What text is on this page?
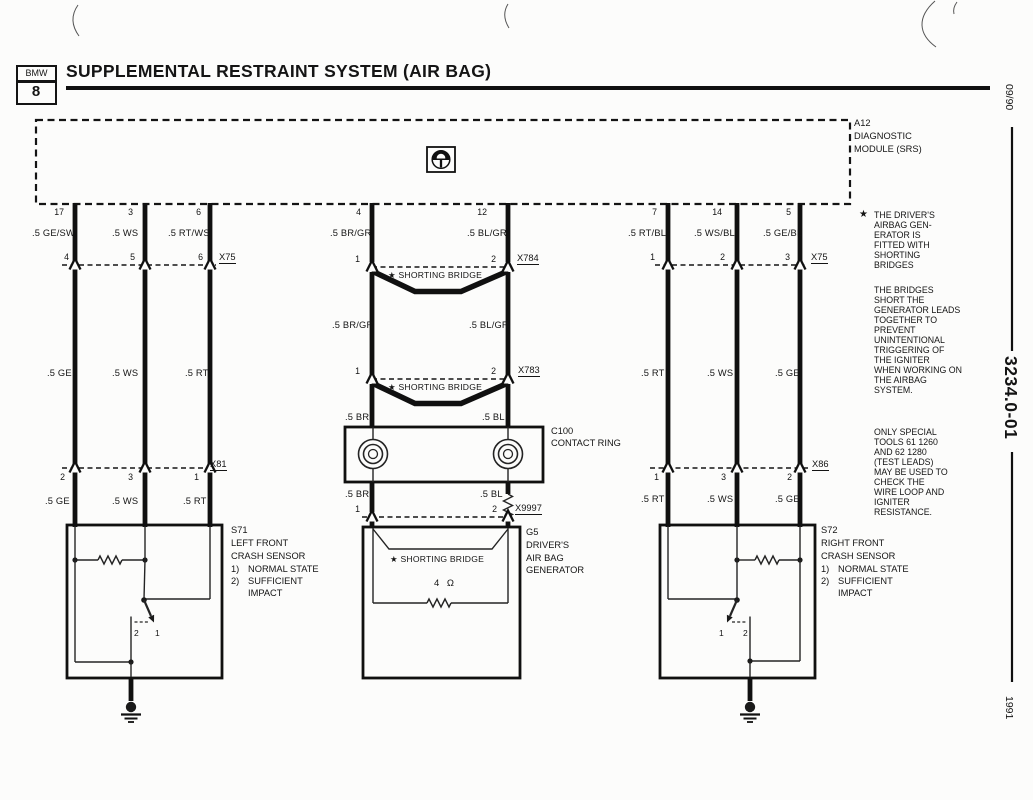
BMW
8
SUPPLEMENTAL RESTRAINT SYSTEM (AIR BAG)
09/90
3234.0-01
1991
A12
DIAGNOSTIC
MODULE (SRS)
17	3	6	4	12	7	14	5
.5 GE/SW	.5 WS	.5 RT/WS
.5 GE	.5 WS	.5 RT
.5 GE	.5 WS	.5 RT
.5 BR/GR	.5 BL/GR
.5 BR/GR	.5 BL/GR
.5 BR	.5 BL
.5 BR	.5 BL
.5 RT/BL	.5 WS/BL	.5 GE/BL
.5 RT	.5 WS	.5 GE
.5 RT	.5 WS	.5 GE
4	5	6 X75
2	3	1
X81
1	2 X784
1	2 X783
1	2 X9997
1	2	3 X75
1	3	2
X86
★ SHORTING BRIDGE
★ SHORTING BRIDGE
★ SHORTING BRIDGE
4 Ω
C100
CONTACT RING
G5
DRIVER'S
AIR BAG
GENERATOR
S71
LEFT FRONT
CRASH SENSOR
1) NORMAL STATE
2) SUFFICIENT
IMPACT
2 1
S72
RIGHT FRONT
CRASH SENSOR
1) NORMAL STATE
2) SUFFICIENT
IMPACT
1 2
★ THE DRIVER'S
AIRBAG GEN-
ERATOR IS
FITTED WITH
SHORTING
BRIDGES
THE BRIDGES
SHORT THE
GENERATOR LEADS
TOGETHER TO
PREVENT
UNINTENTIONAL
TRIGGERING OF
THE IGNITER
WHEN WORKING ON
THE AIRBAG
SYSTEM.
ONLY SPECIAL
TOOLS 61 1260
AND 62 1280
(TEST LEADS)
MAY BE USED TO
CHECK THE
WIRE LOOP AND
IGNITER
RESISTANCE.
